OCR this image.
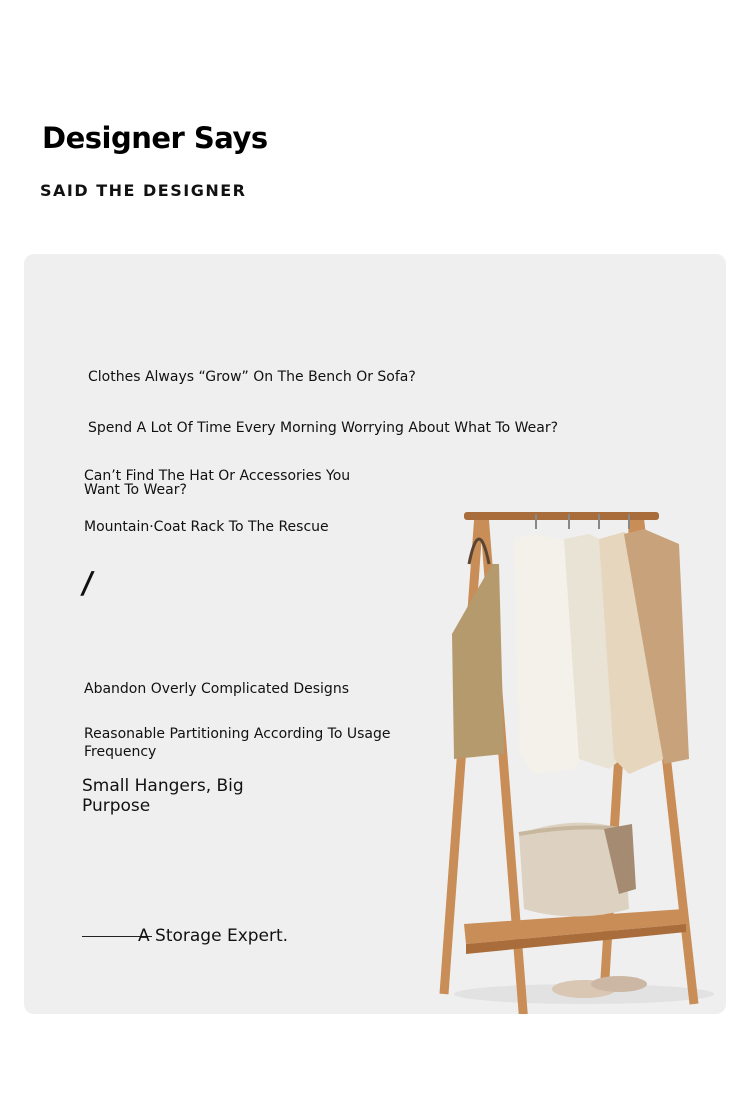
Designer Says
SAID THE DESIGNER
Clothes Always “Grow” On The Bench Or Sofa?
Spend A Lot Of Time Every Morning Worrying About What To Wear?
Can’t Find The Hat Or Accessories You Want To Wear?
Mountain·Coat Rack To The Rescue
/
Abandon Overly Complicated Designs
Reasonable Partitioning According To Usage Frequency
Small Hangers, Big Purpose
A Storage Expert.
